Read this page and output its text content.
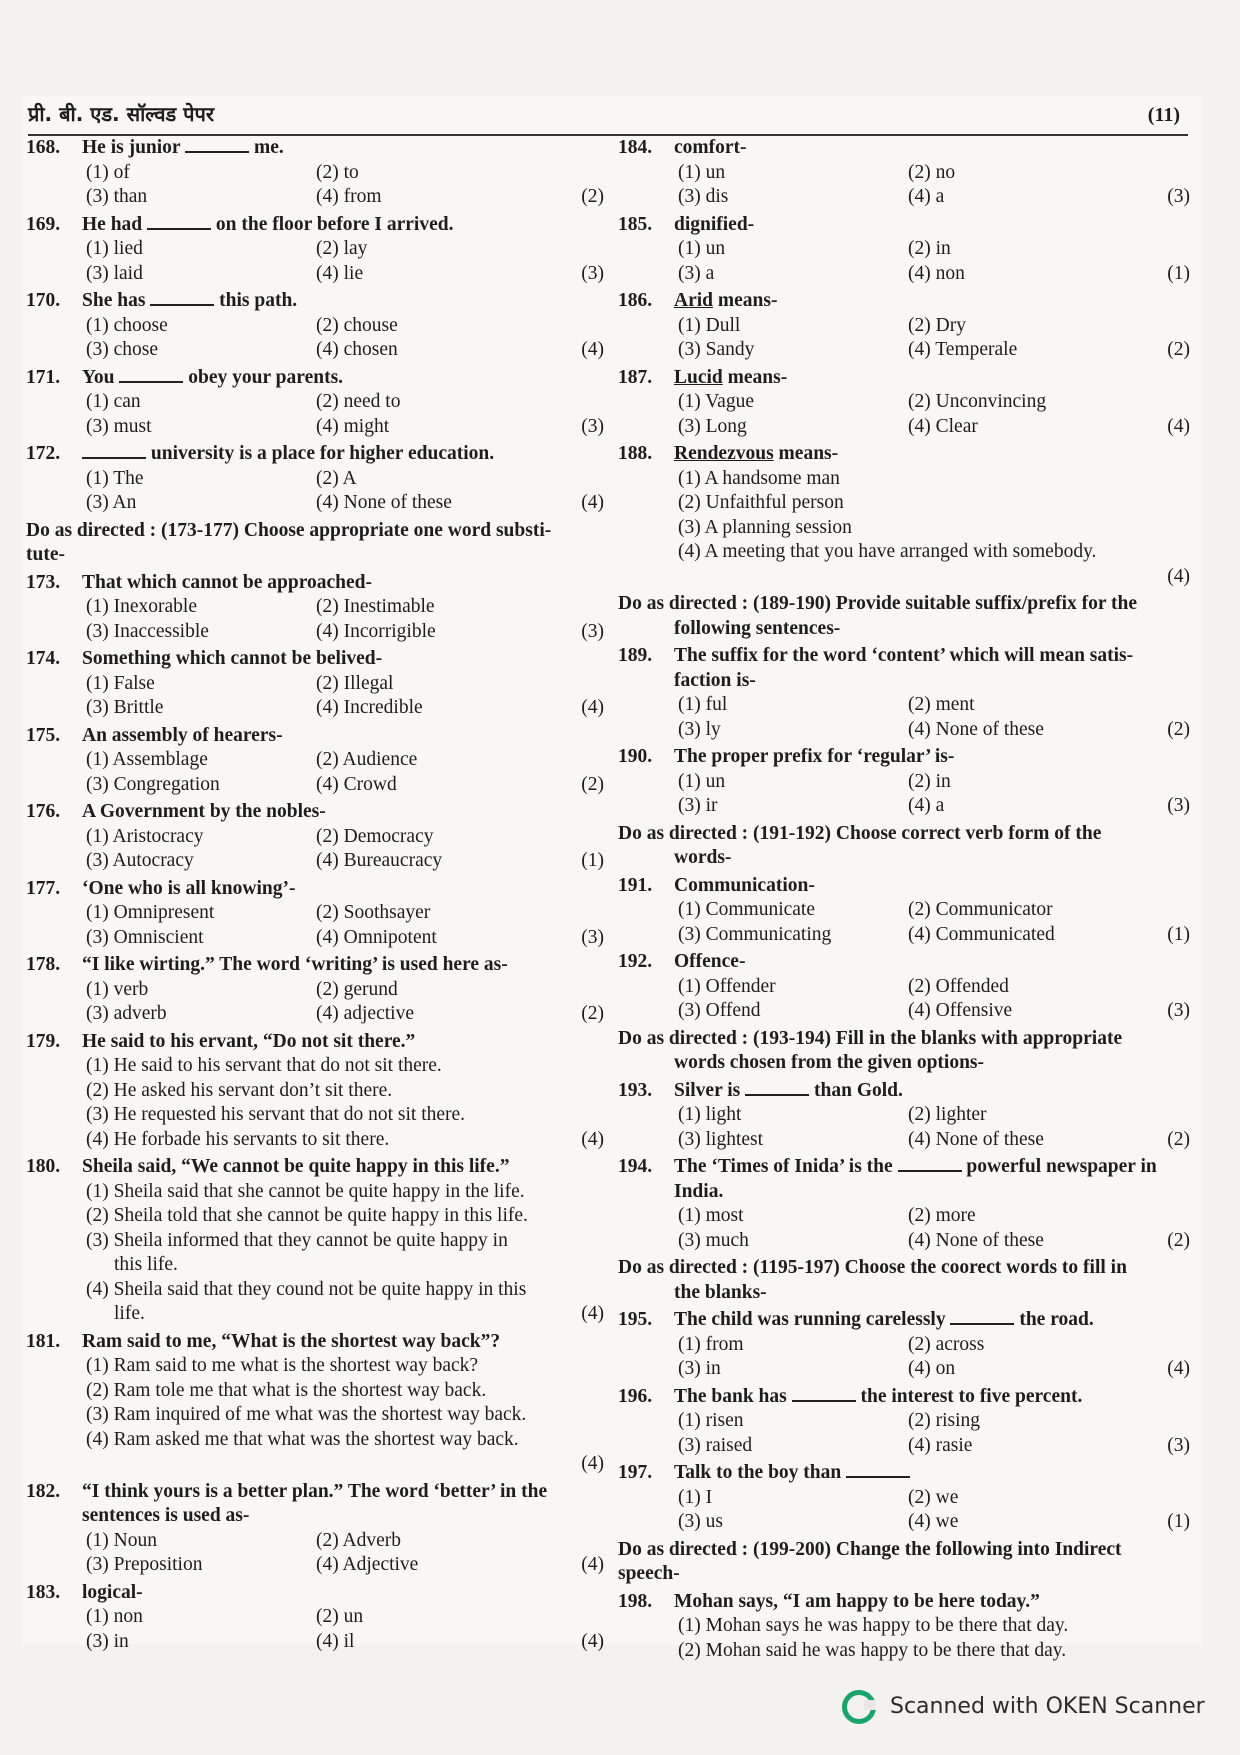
प्री. बी. एड. सॉल्वड पेपर	(11)
168.	He is junior	me.
(1) of	(2) to
(3) than	(4) from	(2)
169.	He had	on the floor before I arrived.
(1) lied	(2) lay
(3) laid	(4) lie	(3)
170.	She has	this path.
(1) choose	(2) chouse
(3) chose	(4) chosen	(4)
171.	You	obey your parents.
(1) can	(2) need to
(3) must	(4) might	(3)
172.	university is a place for higher education.
(1) The	(2) A
(3) An	(4) None of these	(4)
Do as directed : (173-177) Choose appropriate one word substi-
tute-
173.	That which cannot be approached-
(1) Inexorable	(2) Inestimable
(3) Inaccessible	(4) Incorrigible	(3)
174.	Something which cannot be belived-
(1) False	(2) Illegal
(3) Brittle	(4) Incredible	(4)
175.	An assembly of hearers-
(1) Assemblage	(2) Audience
(3) Congregation	(4) Crowd	(2)
176.	A Government by the nobles-
(1) Aristocracy	(2) Democracy
(3) Autocracy	(4) Bureaucracy	(1)
177.	‘One who is all knowing’-
(1) Omnipresent	(2) Soothsayer
(3) Omniscient	(4) Omnipotent	(3)
178.	“I like wirting.” The word ‘writing’ is used here as-
(1) verb	(2) gerund
(3) adverb	(4) adjective	(2)
179.	He said to his ervant, “Do not sit there.”
(1) He said to his servant that do not sit there.
(2) He asked his servant don’t sit there.
(3) He requested his servant that do not sit there.
(4) He forbade his servants to sit there.	(4)
180.	Sheila said, “We cannot be quite happy in this life.”
(1) Sheila said that she cannot be quite happy in the life.
(2) Sheila told that she cannot be quite happy in this life.
(3) Sheila informed that they cannot be quite happy in
this life.
(4) Sheila said that they cound not be quite happy in this
life.	(4)
181.	Ram said to me, “What is the shortest way back”?
(1) Ram said to me what is the shortest way back?
(2) Ram tole me that what is the shortest way back.
(3) Ram inquired of me what was the shortest way back.
(4) Ram asked me that what was the shortest way back.
(4)
182.	“I think yours is a better plan.” The word ‘better’ in the
sentences is used as-
(1) Noun	(2) Adverb
(3) Preposition	(4) Adjective	(4)
183.	logical-
(1) non	(2) un
(3) in	(4) il	(4)
184.	comfort-
(1) un	(2) no
(3) dis	(4) a	(3)
185.	dignified-
(1) un	(2) in
(3) a	(4) non	(1)
186.	Arid means-
(1) Dull	(2) Dry
(3) Sandy	(4) Temperale	(2)
187.	Lucid means-
(1) Vague	(2) Unconvincing
(3) Long	(4) Clear	(4)
188.	Rendezvous means-
(1) A handsome man
(2) Unfaithful person
(3) A planning session
(4) A meeting that you have arranged with somebody.
(4)
Do as directed : (189-190) Provide suitable suffix/prefix for the
following sentences-
189.	The suffix for the word ‘content’ which will mean satis-
faction is-
(1) ful	(2) ment
(3) ly	(4) None of these	(2)
190.	The proper prefix for ‘regular’ is-
(1) un	(2) in
(3) ir	(4) a	(3)
Do as directed : (191-192) Choose correct verb form of the
words-
191.	Communication-
(1) Communicate	(2) Communicator
(3) Communicating	(4) Communicated	(1)
192.	Offence-
(1) Offender	(2) Offended
(3) Offend	(4) Offensive	(3)
Do as directed : (193-194) Fill in the blanks with appropriate
words chosen from the given options-
193.	Silver is	than Gold.
(1) light	(2) lighter
(3) lightest	(4) None of these	(2)
194.	The ‘Times of Inida’ is the	powerful newspaper in
India.
(1) most	(2) more
(3) much	(4) None of these	(2)
Do as directed : (1195-197) Choose the coorect words to fill in
the blanks-
195.	The child was running carelessly	the road.
(1) from	(2) across
(3) in	(4) on	(4)
196.	The bank has	the interest to five percent.
(1) risen	(2) rising
(3) raised	(4) rasie	(3)
197.	Talk to the boy than
(1) I	(2) we
(3) us	(4) we	(1)
Do as directed : (199-200) Change the following into Indirect
speech-
198.	Mohan says, “I am happy to be here today.”
(1) Mohan says he was happy to be there that day.
(2) Mohan said he was happy to be there that day.
Scanned with OKEN Scanner
